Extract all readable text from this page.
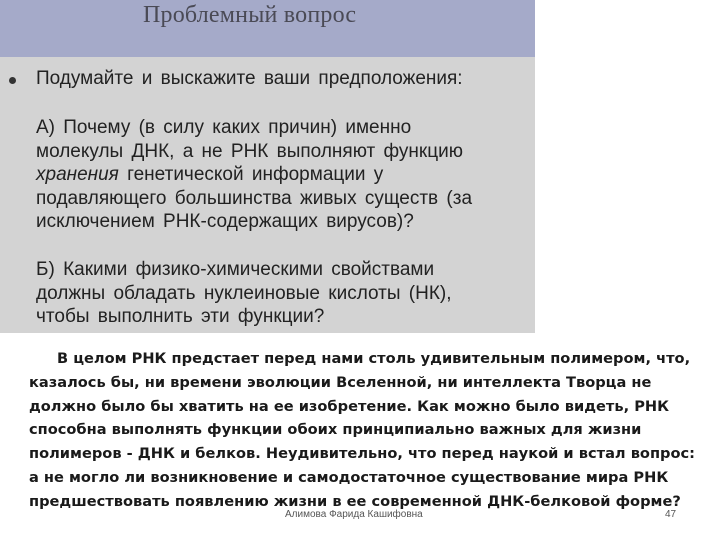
Проблемный вопрос
Подумайте и выскажите ваши предположения:

А) Почему (в силу каких причин) именно молекулы ДНК, а не РНК выполняют функцию хранения генетической информации у подавляющего большинства живых существ (за исключением РНК-содержащих вирусов)?

Б) Какими физико-химическими свойствами должны обладать нуклеиновые кислоты (НК), чтобы выполнить эти функции?

В целом РНК предстает перед нами столь удивительным полимером, что, казалось бы, ни времени эволюции Вселенной, ни интеллекта Творца не должно было бы хватить на ее изобретение. Как можно было видеть, РНК способна выполнять функции обоих принципиально важных для жизни полимеров - ДНК и белков. Неудивительно, что перед наукой и встал вопрос: а не могло ли возникновение и самодостаточное существование мира РНК предшествовать появлению жизни в ее современной ДНК-белковой форме?

Алимова Фарида Кашифовна	47
